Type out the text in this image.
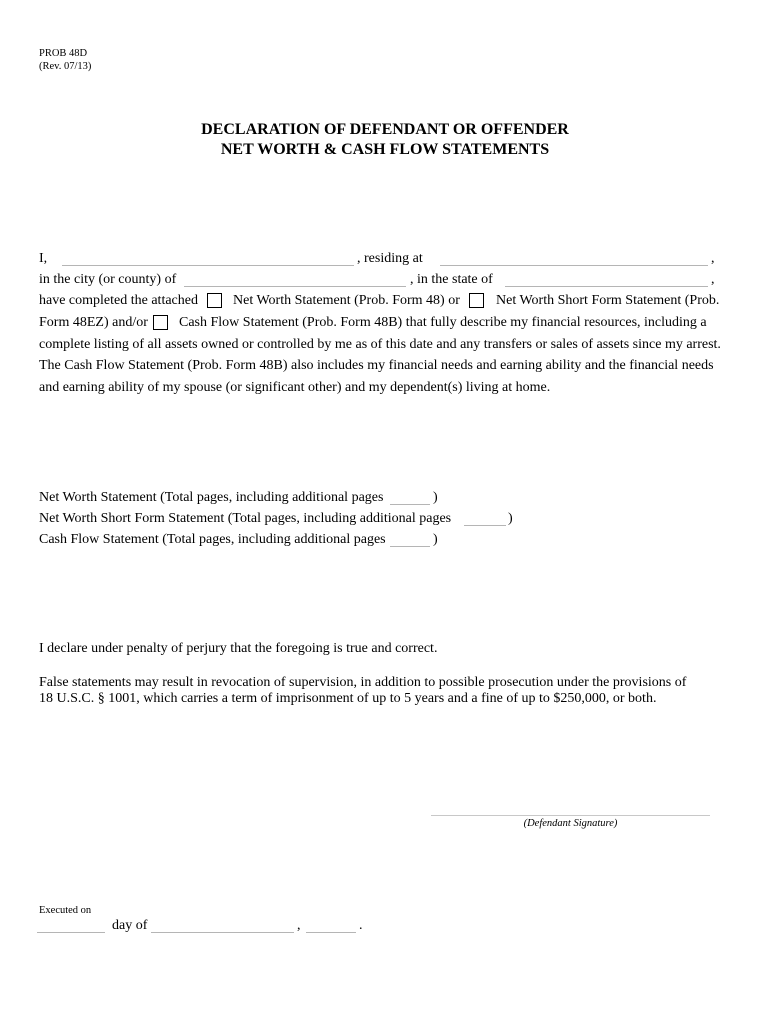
PROB 48D
(Rev. 07/13)
DECLARATION OF DEFENDANT OR OFFENDER
NET WORTH & CASH FLOW STATEMENTS
I,	, residing at	,
in the city (or county) of	, in the state of	,
have completed the attached	Net Worth Statement (Prob. Form 48) or	Net Worth Short Form Statement (Prob.
Form 48EZ) and/or Cash Flow Statement (Prob. Form 48B) that fully describe my financial resources, including a
complete listing of all assets owned or controlled by me as of this date and any transfers or sales of assets since my arrest.
The Cash Flow Statement (Prob. Form 48B) also includes my financial needs and earning ability and the financial needs
and earning ability of my spouse (or significant other) and my dependent(s) living at home.
Net Worth Statement (Total pages, including additional pages	)
Net Worth Short Form Statement (Total pages, including additional pages	)
Cash Flow Statement (Total pages, including additional pages	)
I declare under penalty of perjury that the foregoing is true and correct.
False statements may result in revocation of supervision, in addition to possible prosecution under the provisions of
18 U.S.C. § 1001, which carries a term of imprisonment of up to 5 years and a fine of up to $250,000, or both.
(Defendant Signature)
Executed on
day of	,	.
